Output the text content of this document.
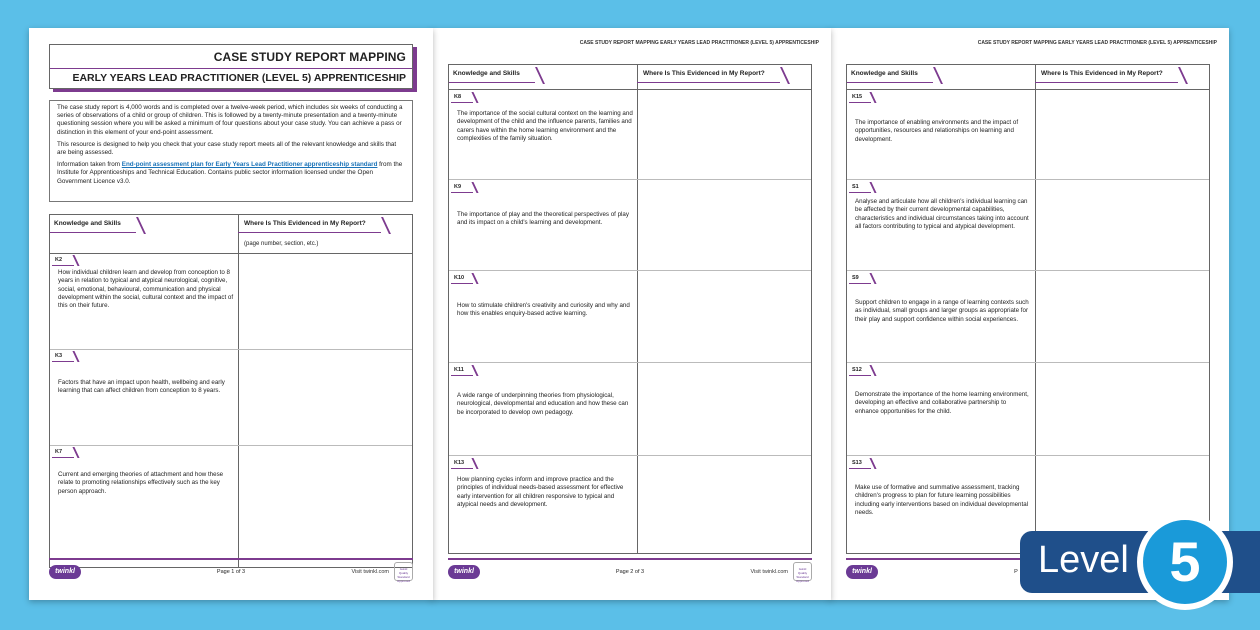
CASE STUDY REPORT MAPPING
EARLY YEARS LEAD PRACTITIONER (LEVEL 5) APPRENTICESHIP

The case study report is 4,000 words and is completed over a twelve-week period, which includes six weeks of conducting a series of observations of a child or group of children. This is followed by a twenty-minute presentation and a twenty-minute questioning session where you will be asked a minimum of four questions about your case study. You can achieve a pass or distinction in this element of your end-point assessment.

This resource is designed to help you check that your case study report meets all of the relevant knowledge and skills that are being assessed.

Information taken from End-point assessment plan for Early Years Lead Practitioner apprenticeship standard from the Institute for Apprenticeships and Technical Education. Contains public sector information licensed under the Open Government Licence v3.0.

Knowledge and Skills	Where Is This Evidenced in My Report?
(page number, section, etc.)
K2
How individual children learn and develop from conception to 8 years in relation to typical and atypical neurological, cognitive, social, emotional, behavioural, communication and physical development within the social, cultural context and the impact of this on their future.
K3
Factors that have an impact upon health, wellbeing and early learning that can affect children from conception to 8 years.
K7
Current and emerging theories of attachment and how these relate to promoting relationships effectively such as the key person approach.
twinkl	Page 1 of 3	Visit twinkl.com	twinkl Quality Standard Approved
CASE STUDY REPORT MAPPING EARLY YEARS LEAD PRACTITIONER (LEVEL 5) APPRENTICESHIP
Knowledge and Skills	Where Is This Evidenced in My Report?
K8
The importance of the social cultural context on the learning and development of the child and the influence parents, families and carers have within the home learning environment and the complexities of the family situation.
K9
The importance of play and the theoretical perspectives of play and its impact on a child's learning and development.
K10
How to stimulate children's creativity and curiosity and why and how this enables enquiry-based active learning.
K11
A wide range of underpinning theories from physiological, neurological, developmental and education and how these can be incorporated to develop own pedagogy.
K13
How planning cycles inform and improve practice and the principles of individual needs-based assessment for effective early intervention for all children responsive to typical and atypical needs and development.
twinkl	Page 2 of 3	Visit twinkl.com	twinkl Quality Standard Approved
CASE STUDY REPORT MAPPING EARLY YEARS LEAD PRACTITIONER (LEVEL 5) APPRENTICESHIP
Knowledge and Skills	Where Is This Evidenced in My Report?
K15
The importance of enabling environments and the impact of opportunities, resources and relationships on learning and development.
S1
Analyse and articulate how all children's individual learning can be affected by their current developmental capabilities, characteristics and individual circumstances taking into account all factors contributing to typical and atypical development.
S9
Support children to engage in a range of learning contexts such as individual, small groups and larger groups as appropriate for their play and support confidence within social experiences.
S12
Demonstrate the importance of the home learning environment, developing an effective and collaborative partnership to enhance opportunities for the child.
S13
Make use of formative and summative assessment, tracking children's progress to plan for future learning possibilities including early interventions based on individual developmental needs.
twinkl	P Level 5
